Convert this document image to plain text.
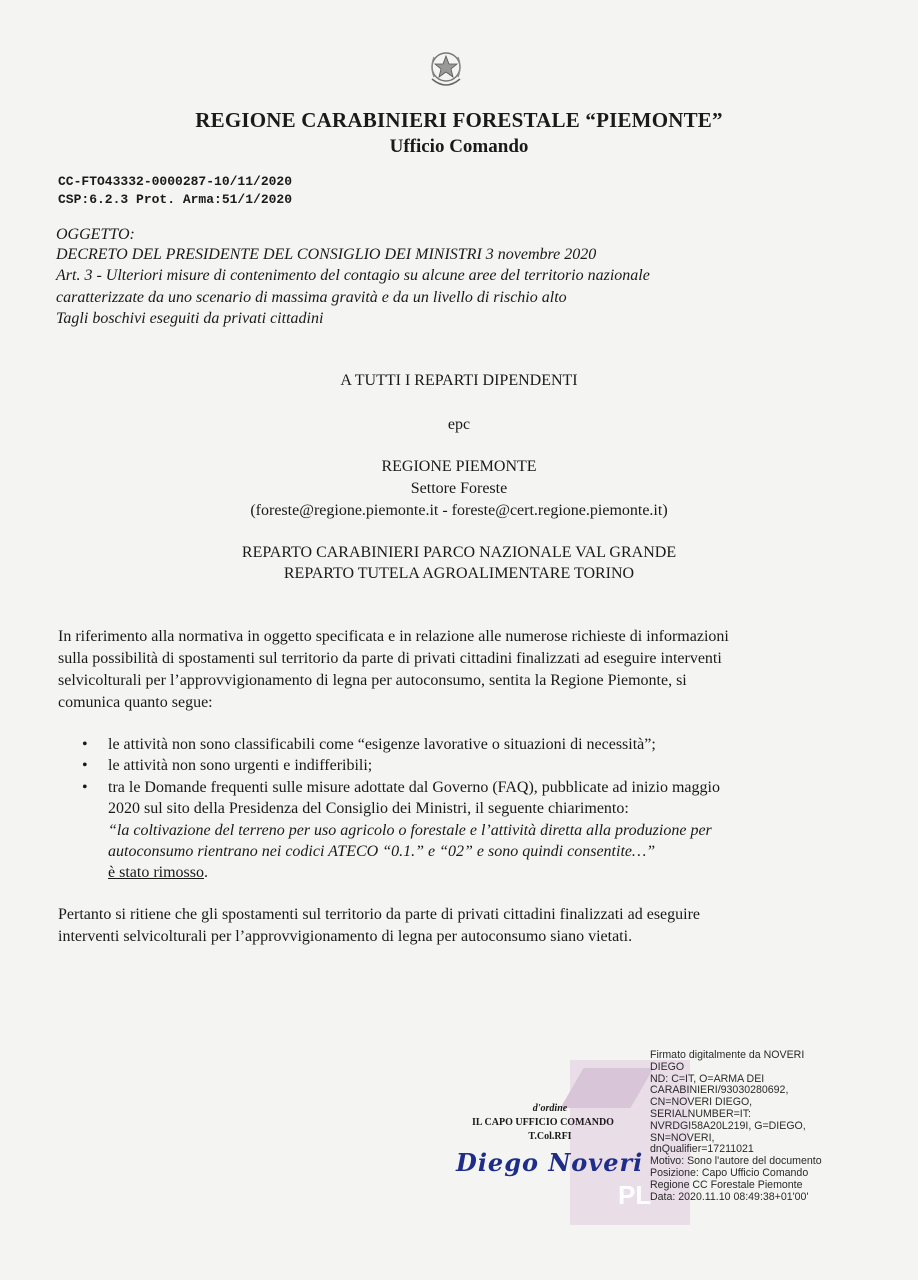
REGIONE CARABINIERI FORESTALE “PIEMONTE”
Ufficio Comando
CC-FTO43332-0000287-10/11/2020
CSP:6.2.3 Prot. Arma:51/1/2020
OGGETTO:
DECRETO DEL PRESIDENTE DEL CONSIGLIO DEI MINISTRI 3 novembre 2020
Art. 3 - Ulteriori misure di contenimento del contagio su alcune aree del territorio nazionale
caratterizzate da uno scenario di massima gravità e da un livello di rischio alto
Tagli boschivi eseguiti da privati cittadini
A TUTTI I REPARTI DIPENDENTI
epc
REGIONE PIEMONTE
Settore Foreste
(foreste@regione.piemonte.it - foreste@cert.regione.piemonte.it)
REPARTO CARABINIERI PARCO NAZIONALE VAL GRANDE
REPARTO TUTELA AGROALIMENTARE TORINO
In riferimento alla normativa in oggetto specificata e in relazione alle numerose richieste di informazioni
sulla possibilità di spostamenti sul territorio da parte di privati cittadini finalizzati ad eseguire interventi
selvicolturali per l’approvvigionamento di legna per autoconsumo, sentita la Regione Piemonte, si
comunica quanto segue:
• le attività non sono classificabili come “esigenze lavorative o situazioni di necessità”;
• le attività non sono urgenti e indifferibili;
• tra le Domande frequenti sulle misure adottate dal Governo (FAQ), pubblicate ad inizio maggio
2020 sul sito della Presidenza del Consiglio dei Ministri, il seguente chiarimento:
“la coltivazione del terreno per uso agricolo o forestale e l’attività diretta alla produzione per
autoconsumo rientrano nei codici ATECO “0.1.” e “02” e sono quindi consentite…”
è stato rimosso.
Pertanto si ritiene che gli spostamenti sul territorio da parte di privati cittadini finalizzati ad eseguire
interventi selvicolturali per l’approvvigionamento di legna per autoconsumo siano vietati.
PL
d'ordine
IL CAPO UFFICIO COMANDO
T.Col.RFI
Diego Noveri
Firmato digitalmente da NOVERI
DIEGO
ND: C=IT, O=ARMA DEI
CARABINIERI/93030280692,
CN=NOVERI DIEGO,
SERIALNUMBER=IT:
NVRDGI58A20L219I, G=DIEGO,
SN=NOVERI,
dnQualifier=17211021
Motivo: Sono l'autore del documento
Posizione: Capo Ufficio Comando
Regione CC Forestale Piemonte
Data: 2020.11.10 08:49:38+01'00'
